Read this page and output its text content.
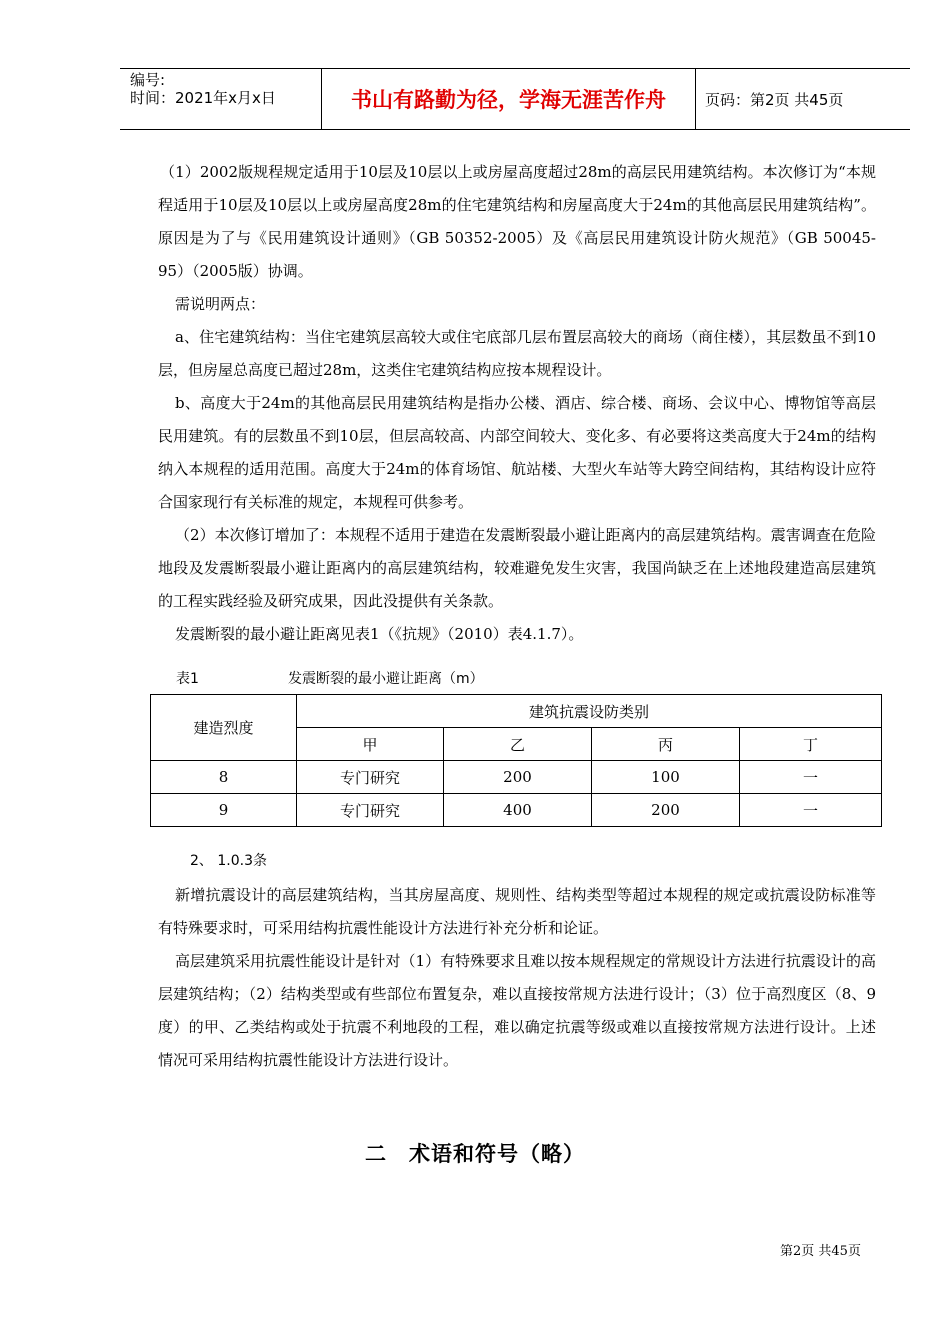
编号:
时间：2021年x月x日	书山有路勤为径，学海无涯苦作舟	页码：第2页 共45页

（1）2002版规程规定适用于10层及10层以上或房屋高度超过28m的高层民用建筑结构。本次修订为“本规程适用于10层及10层以上或房屋高度28m的住宅建筑结构和房屋高度大于24m的其他高层民用建筑结构”。原因是为了与《民用建筑设计通则》（GB 50352-2005）及《高层民用建筑设计防火规范》（GB 50045-95）（2005版）协调。

需说明两点：

a、住宅建筑结构：当住宅建筑层高较大或住宅底部几层布置层高较大的商场（商住楼），其层数虽不到10层，但房屋总高度已超过28m，这类住宅建筑结构应按本规程设计。

b、高度大于24m的其他高层民用建筑结构是指办公楼、酒店、综合楼、商场、会议中心、博物馆等高层民用建筑。有的层数虽不到10层，但层高较高、内部空间较大、变化多、有必要将这类高度大于24m的结构纳入本规程的适用范围。高度大于24m的体育场馆、航站楼、大型火车站等大跨空间结构，其结构设计应符合国家现行有关标准的规定，本规程可供参考。

（2）本次修订增加了：本规程不适用于建造在发震断裂最小避让距离内的高层建筑结构。震害调查在危险地段及发震断裂最小避让距离内的高层建筑结构，较难避免发生灾害，我国尚缺乏在上述地段建造高层建筑的工程实践经验及研究成果，因此没提供有关条款。

发震断裂的最小避让距离见表1（《抗规》（2010）表4.1.7）。

表1	发震断裂的最小避让距离（m）
建造烈度	建筑抗震设防类别			
	甲	乙	丙	丁
8	专门研究	200	100	一
9	专门研究	400	200	一
2、 1.0.3条

新增抗震设计的高层建筑结构，当其房屋高度、规则性、结构类型等超过本规程的规定或抗震设防标准等有特殊要求时，可采用结构抗震性能设计方法进行补充分析和论证。

高层建筑采用抗震性能设计是针对（1）有特殊要求且难以按本规程规定的常规设计方法进行抗震设计的高层建筑结构；（2）结构类型或有些部位布置复杂，难以直接按常规方法进行设计；（3）位于高烈度区（8、9度）的甲、乙类结构或处于抗震不利地段的工程，难以确定抗震等级或难以直接按常规方法进行设计。上述情况可采用结构抗震性能设计方法进行设计。

二　术语和符号（略）
第2页 共45页
